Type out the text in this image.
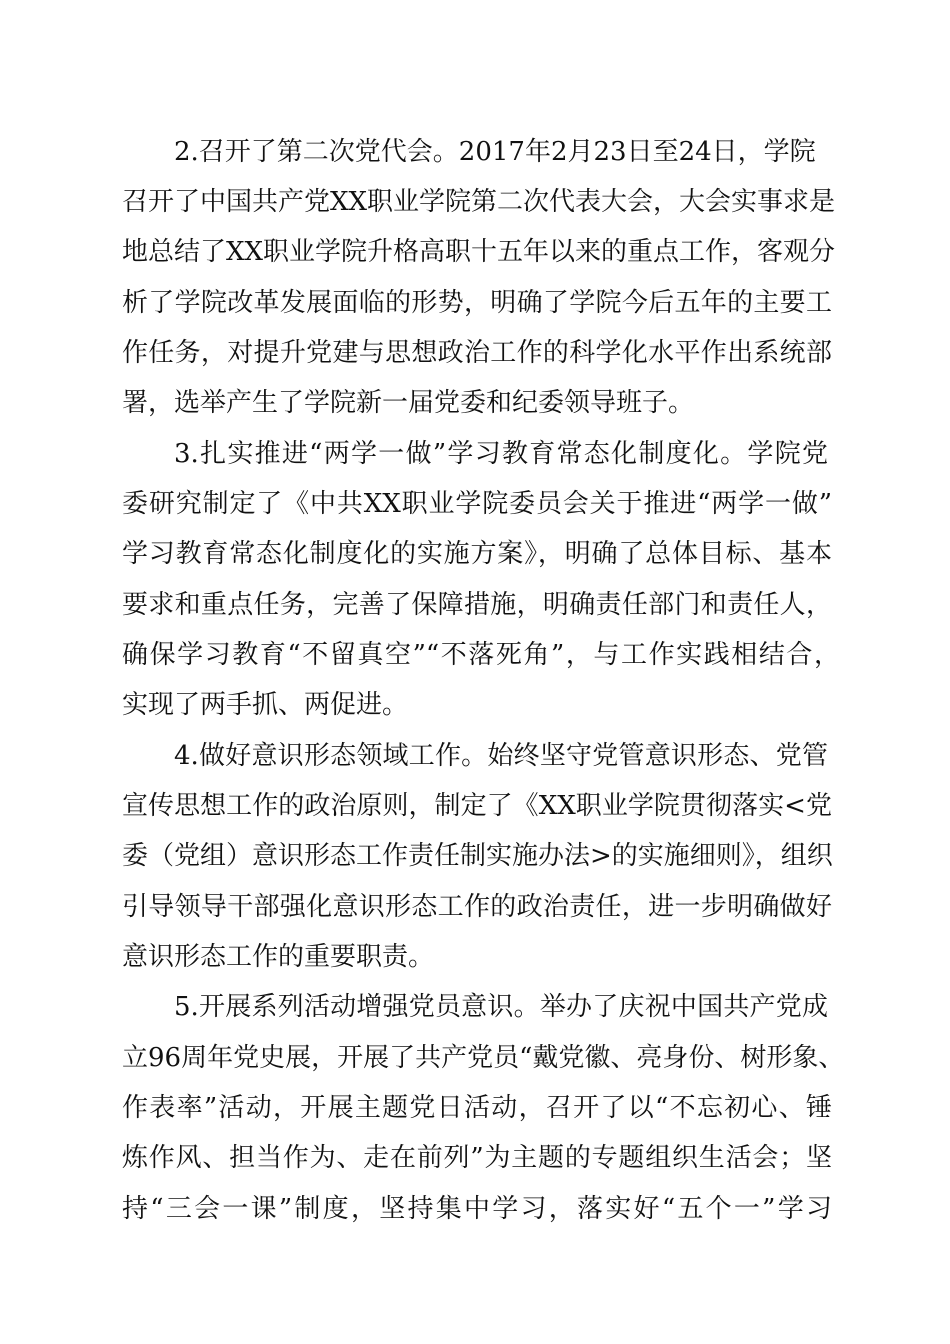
2.召开了第二次党代会。2017年2月23日至24日，学院
召开了中国共产党XX职业学院第二次代表大会，大会实事求是
地总结了XX职业学院升格高职十五年以来的重点工作，客观分
析了学院改革发展面临的形势，明确了学院今后五年的主要工
作任务，对提升党建与思想政治工作的科学化水平作出系统部
署，选举产生了学院新一届党委和纪委领导班子。
3.扎实推进“两学一做”学习教育常态化制度化。学院党
委研究制定了《中共XX职业学院委员会关于推进“两学一做”
学习教育常态化制度化的实施方案》，明确了总体目标、基本
要求和重点任务，完善了保障措施，明确责任部门和责任人，
确保学习教育“不留真空”“不落死角”，与工作实践相结合，
实现了两手抓、两促进。
4.做好意识形态领域工作。始终坚守党管意识形态、党管
宣传思想工作的政治原则，制定了《XX职业学院贯彻落实<党
委（党组）意识形态工作责任制实施办法>的实施细则》，组织
引导领导干部强化意识形态工作的政治责任，进一步明确做好
意识形态工作的重要职责。
5.开展系列活动增强党员意识。举办了庆祝中国共产党成
立96周年党史展，开展了共产党员“戴党徽、亮身份、树形象、
作表率”活动，开展主题党日活动，召开了以“不忘初心、锤
炼作风、担当作为、走在前列”为主题的专题组织生活会；坚
持“三会一课”制度，坚持集中学习，落实好“五个一”学习
